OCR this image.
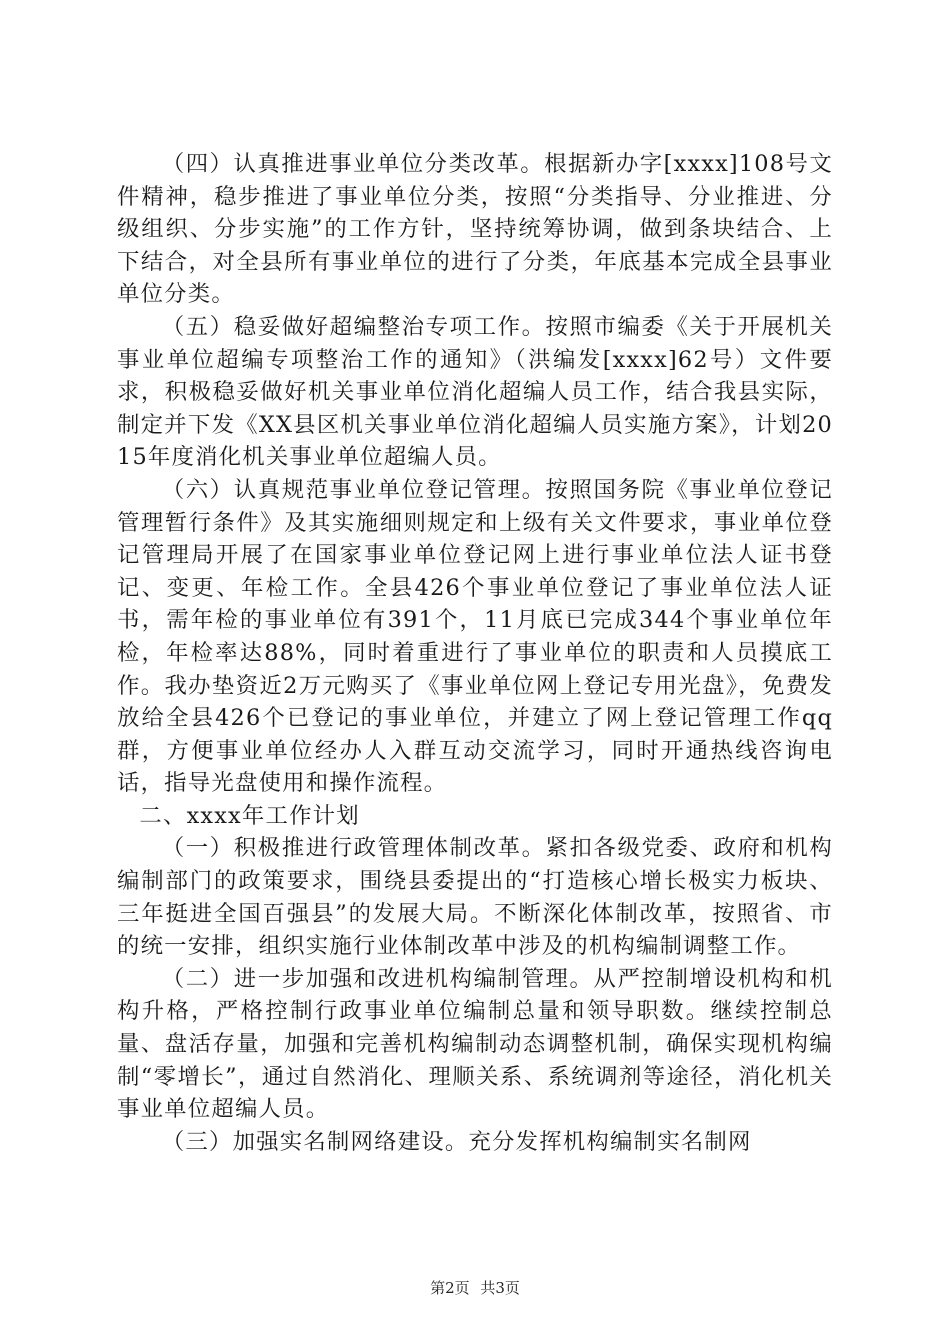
（四）认真推进事业单位分类改革。根据新办字[xxxx]108号文件精神，稳步推进了事业单位分类，按照“分类指导、分业推进、分级组织、分步实施”的工作方针，坚持统筹协调，做到条块结合、上下结合，对全县所有事业单位的进行了分类，年底基本完成全县事业单位分类。

（五）稳妥做好超编整治专项工作。按照市编委《关于开展机关事业单位超编专项整治工作的通知》（洪编发[xxxx]62号）文件要求，积极稳妥做好机关事业单位消化超编人员工作，结合我县实际，制定并下发《XX县区机关事业单位消化超编人员实施方案》，计划2015年度消化机关事业单位超编人员。

（六）认真规范事业单位登记管理。按照国务院《事业单位登记管理暂行条件》及其实施细则规定和上级有关文件要求，事业单位登记管理局开展了在国家事业单位登记网上进行事业单位法人证书登记、变更、年检工作。全县426个事业单位登记了事业单位法人证书，需年检的事业单位有391个，11月底已完成344个事业单位年检，年检率达88%，同时着重进行了事业单位的职责和人员摸底工作。我办垫资近2万元购买了《事业单位网上登记专用光盘》，免费发放给全县426个已登记的事业单位，并建立了网上登记管理工作qq群，方便事业单位经办人入群互动交流学习，同时开通热线咨询电话，指导光盘使用和操作流程。

二、xxxx年工作计划

（一）积极推进行政管理体制改革。紧扣各级党委、政府和机构编制部门的政策要求，围绕县委提出的“打造核心增长极实力板块、三年挺进全国百强县”的发展大局。不断深化体制改革，按照省、市的统一安排，组织实施行业体制改革中涉及的机构编制调整工作。

（二）进一步加强和改进机构编制管理。从严控制增设机构和机构升格，严格控制行政事业单位编制总量和领导职数。继续控制总量、盘活存量，加强和完善机构编制动态调整机制，确保实现机构编制“零增长”，通过自然消化、理顺关系、系统调剂等途径，消化机关事业单位超编人员。

（三）加强实名制网络建设。充分发挥机构编制实名制网

第2页 共3页
